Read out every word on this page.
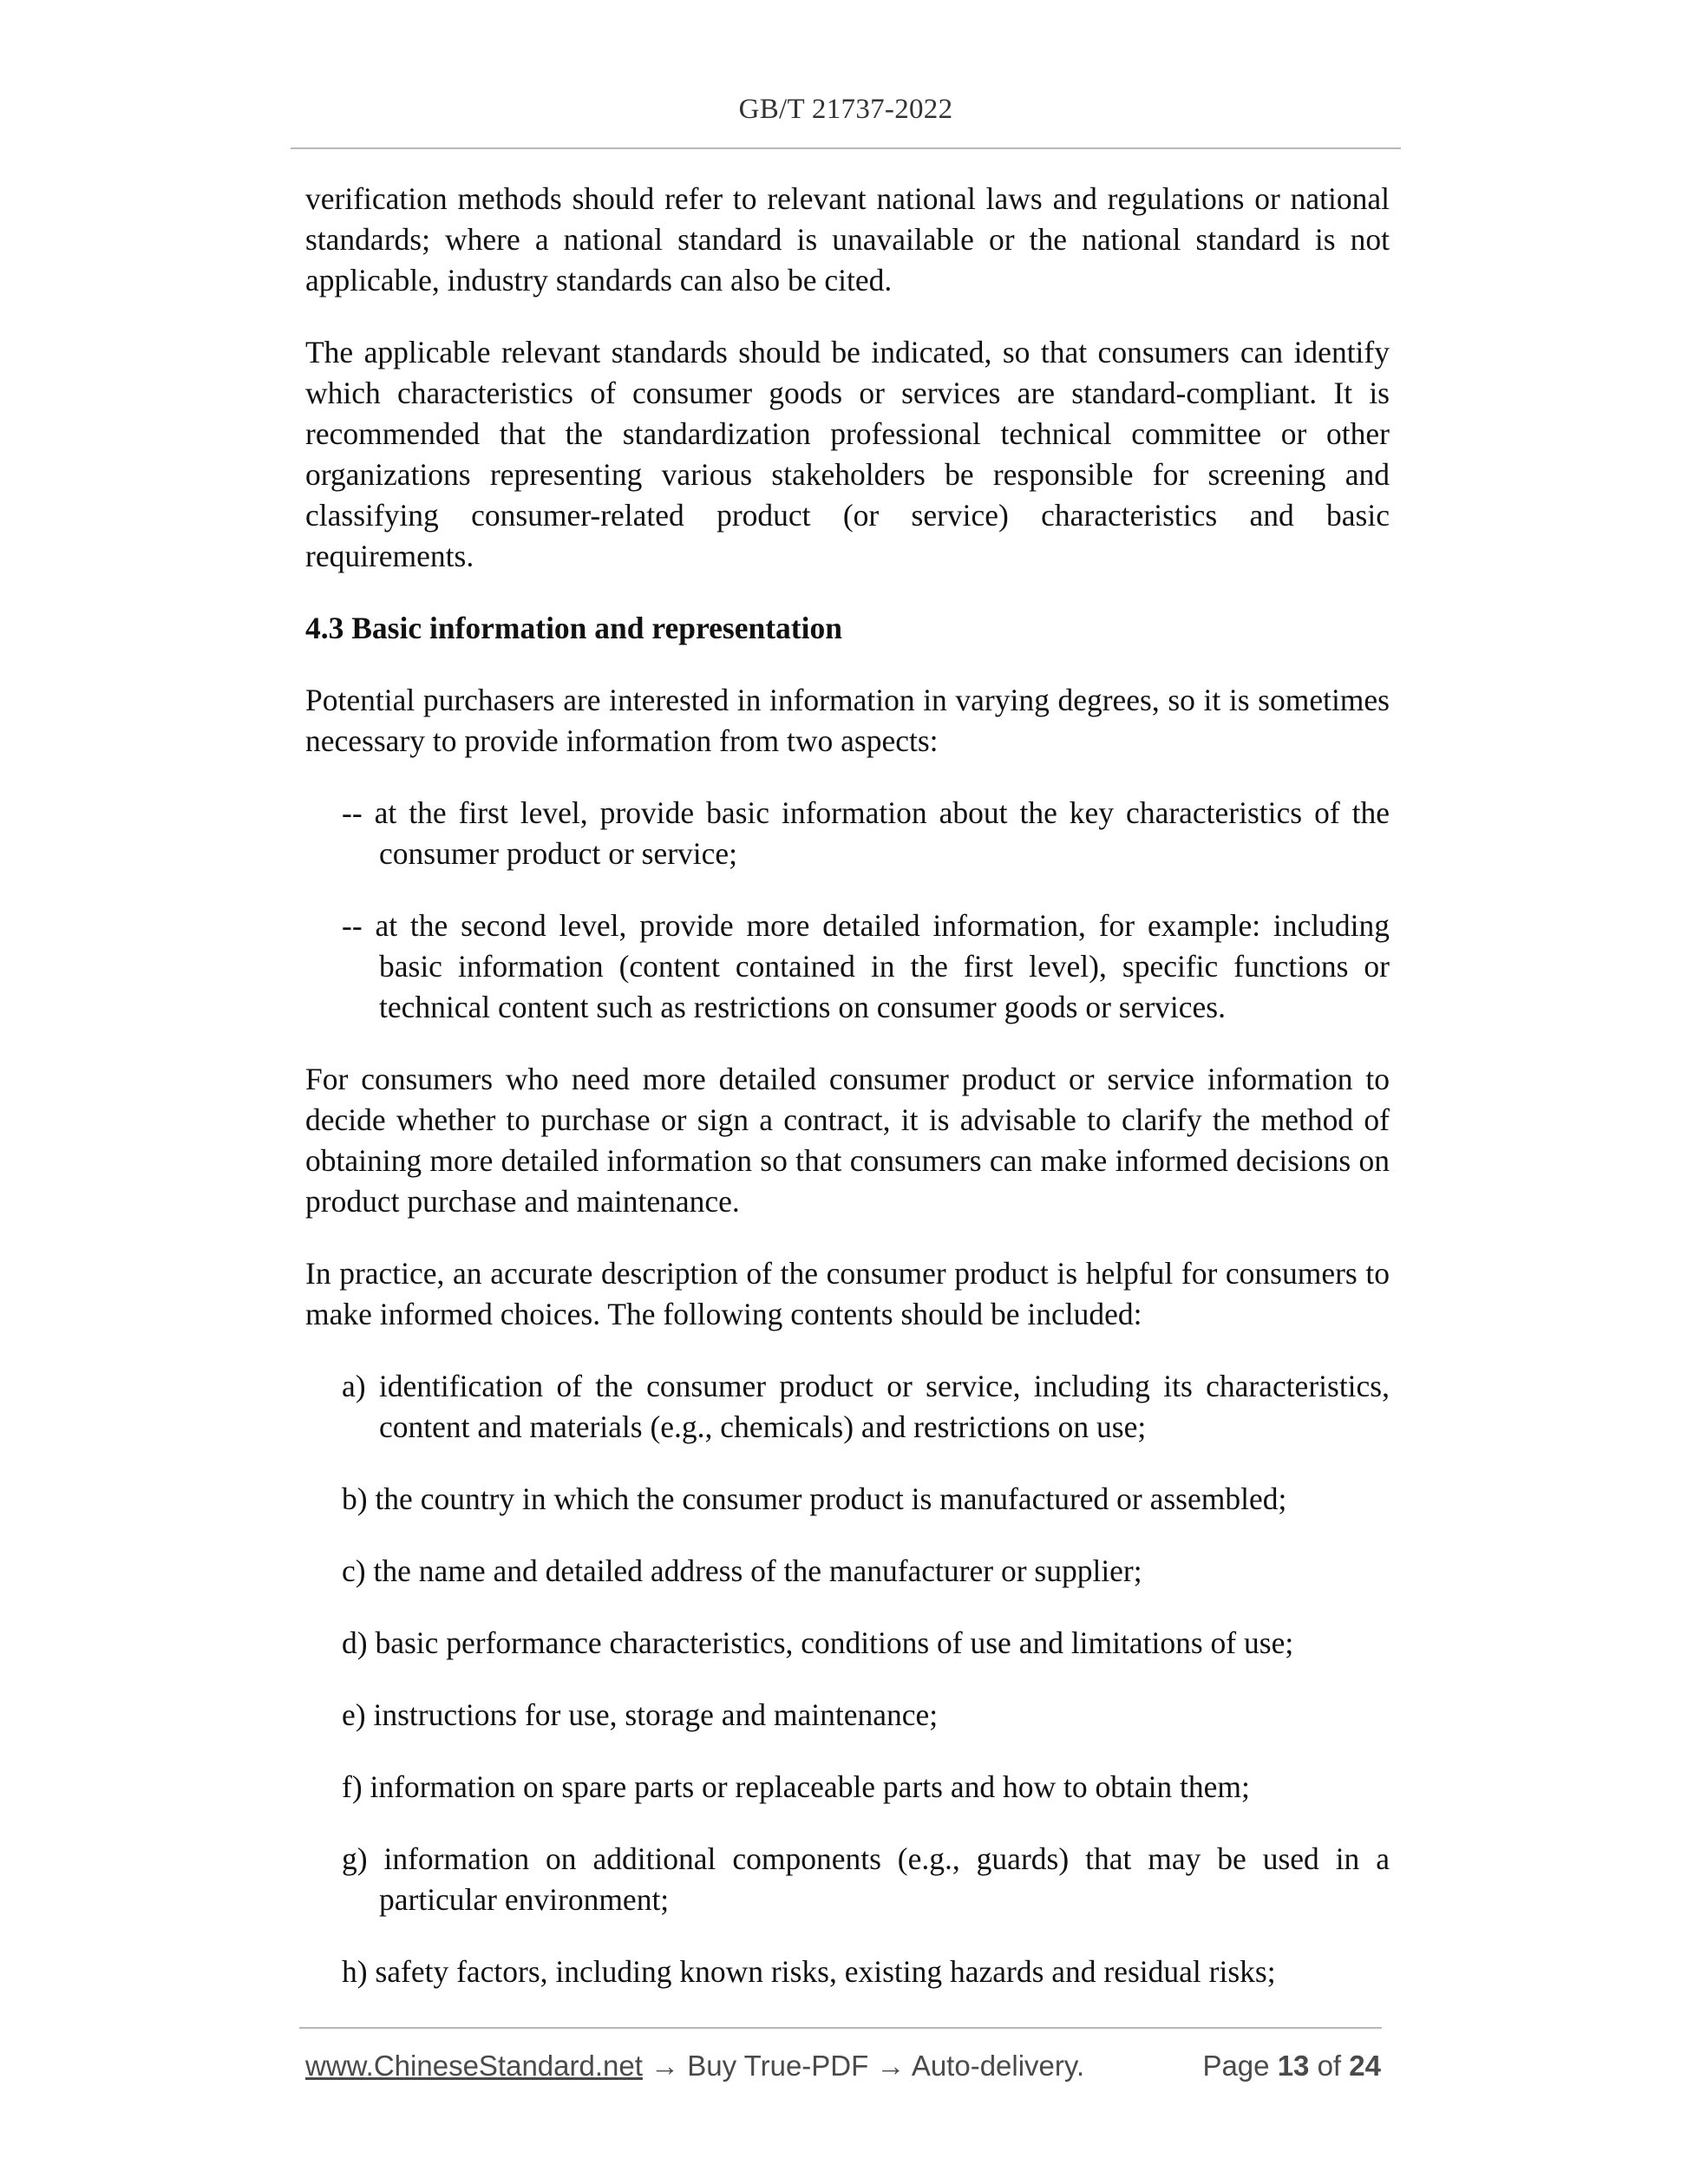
GB/T 21737-2022

verification methods should refer to relevant national laws and regulations or national standards; where a national standard is unavailable or the national standard is not applicable, industry standards can also be cited.

The applicable relevant standards should be indicated, so that consumers can identify which characteristics of consumer goods or services are standard-compliant. It is recommended that the standardization professional technical committee or other organizations representing various stakeholders be responsible for screening and classifying consumer-related product (or service) characteristics and basic requirements.

4.3 Basic information and representation

Potential purchasers are interested in information in varying degrees, so it is sometimes necessary to provide information from two aspects:

-- at the first level, provide basic information about the key characteristics of the consumer product or service;
-- at the second level, provide more detailed information, for example: including basic information (content contained in the first level), specific functions or technical content such as restrictions on consumer goods or services.

For consumers who need more detailed consumer product or service information to decide whether to purchase or sign a contract, it is advisable to clarify the method of obtaining more detailed information so that consumers can make informed decisions on product purchase and maintenance.

In practice, an accurate description of the consumer product is helpful for consumers to make informed choices. The following contents should be included:

a) identification of the consumer product or service, including its characteristics, content and materials (e.g., chemicals) and restrictions on use;
b) the country in which the consumer product is manufactured or assembled;
c) the name and detailed address of the manufacturer or supplier;
d) basic performance characteristics, conditions of use and limitations of use;
e) instructions for use, storage and maintenance;
f) information on spare parts or replaceable parts and how to obtain them;
g) information on additional components (e.g., guards) that may be used in a particular environment;
h) safety factors, including known risks, existing hazards and residual risks;
www.ChineseStandard.net → Buy True-PDF → Auto-delivery.	Page 13 of 24
